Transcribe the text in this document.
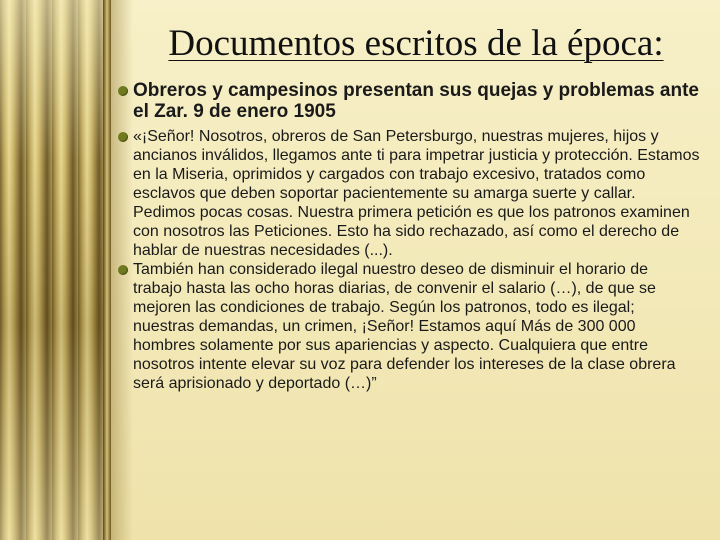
Documentos escritos de la época:
Obreros y campesinos presentan sus quejas y problemas ante el Zar. 9 de enero 1905
«¡Señor! Nosotros, obreros de San Petersburgo, nuestras mujeres, hijos y ancianos inválidos, llegamos ante ti para impetrar justicia y protección. Estamos en la Miseria, oprimidos y cargados con trabajo excesivo, tratados como esclavos que deben soportar pacientemente su amarga suerte y callar. Pedimos pocas cosas. Nuestra primera petición es que los patronos examinen con nosotros las Peticiones. Esto ha sido rechazado, así como el derecho de hablar de nuestras necesidades (...).
También han considerado ilegal nuestro deseo de disminuir el horario de trabajo hasta las ocho horas diarias, de convenir el salario (…), de que se mejoren las condiciones de trabajo. Según los patronos, todo es ilegal; nuestras demandas, un crimen, ¡Señor! Estamos aquí Más de 300 000 hombres solamente por sus apariencias y aspecto. Cualquiera que entre nosotros intente elevar su voz para defender los intereses de la clase obrera será aprisionado y deportado (…)”
